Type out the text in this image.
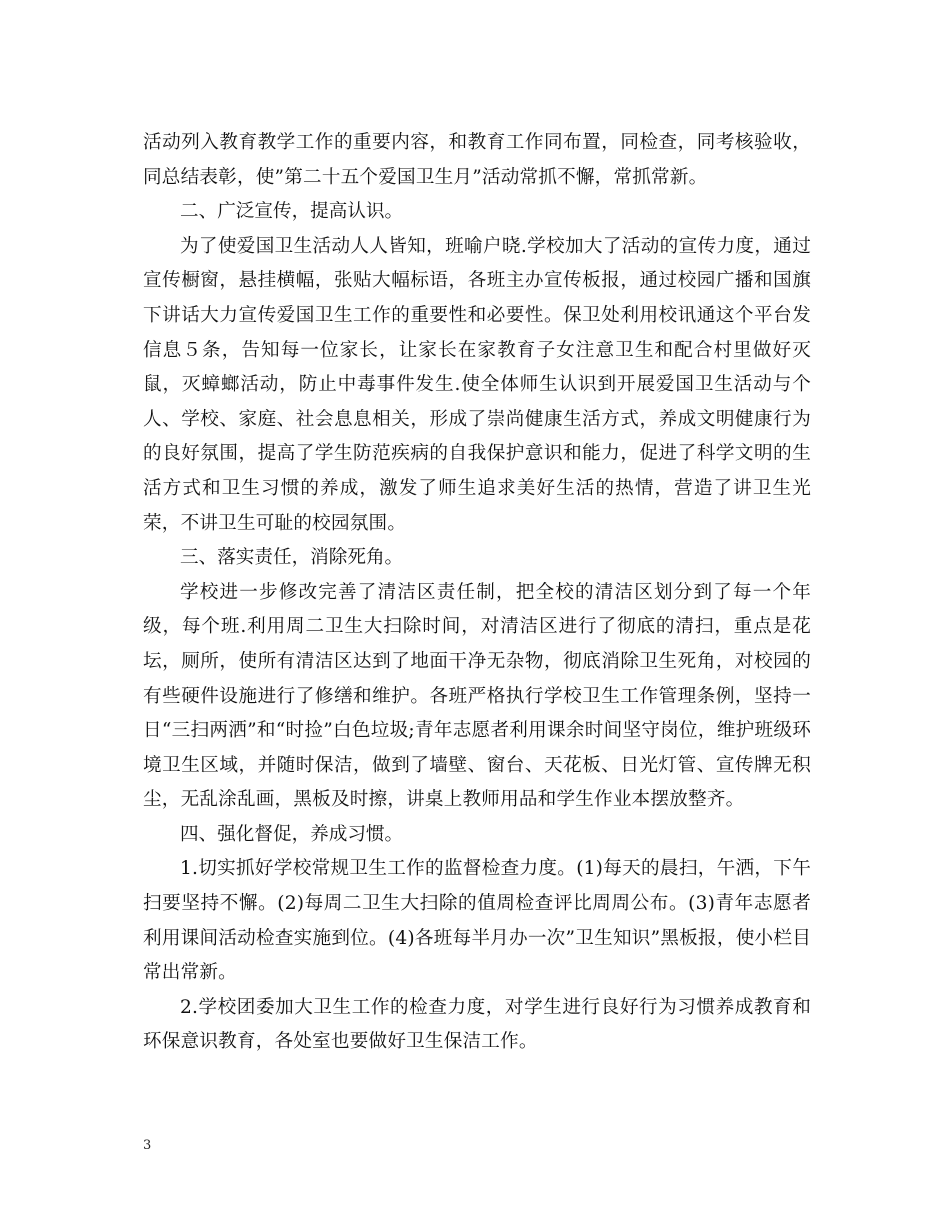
活动列入教育教学工作的重要内容，和教育工作同布置，同检查，同考核验收，同总结表彰，使”第二十五个爱国卫生月”活动常抓不懈，常抓常新。

二、广泛宣传，提高认识。

为了使爱国卫生活动人人皆知，班喻户晓.学校加大了活动的宣传力度，通过宣传橱窗，悬挂横幅，张贴大幅标语，各班主办宣传板报，通过校园广播和国旗下讲话大力宣传爱国卫生工作的重要性和必要性。保卫处利用校讯通这个平台发信息５条，告知每一位家长，让家长在家教育子女注意卫生和配合村里做好灭鼠，灭蟑螂活动，防止中毒事件发生.使全体师生认识到开展爱国卫生活动与个人、学校、家庭、社会息息相关，形成了崇尚健康生活方式，养成文明健康行为的良好氛围，提高了学生防范疾病的自我保护意识和能力，促进了科学文明的生活方式和卫生习惯的养成，激发了师生追求美好生活的热情，营造了讲卫生光荣，不讲卫生可耻的校园氛围。

三、落实责任，消除死角。

学校进一步修改完善了清洁区责任制，把全校的清洁区划分到了每一个年级，每个班.利用周二卫生大扫除时间，对清洁区进行了彻底的清扫，重点是花坛，厕所，使所有清洁区达到了地面干净无杂物，彻底消除卫生死角，对校园的有些硬件设施进行了修缮和维护。各班严格执行学校卫生工作管理条例，坚持一日“三扫两洒”和“时捡”白色垃圾;青年志愿者利用课余时间坚守岗位，维护班级环境卫生区域，并随时保洁，做到了墙壁、窗台、天花板、日光灯管、宣传牌无积尘，无乱涂乱画，黑板及时擦，讲桌上教师用品和学生作业本摆放整齐。

四、强化督促，养成习惯。

1.切实抓好学校常规卫生工作的监督检查力度。(1)每天的晨扫，午洒，下午扫要坚持不懈。(2)每周二卫生大扫除的值周检查评比周周公布。(3)青年志愿者利用课间活动检查实施到位。(4)各班每半月办一次”卫生知识”黑板报，使小栏目常出常新。

2.学校团委加大卫生工作的检查力度，对学生进行良好行为习惯养成教育和环保意识教育，各处室也要做好卫生保洁工作。

3
